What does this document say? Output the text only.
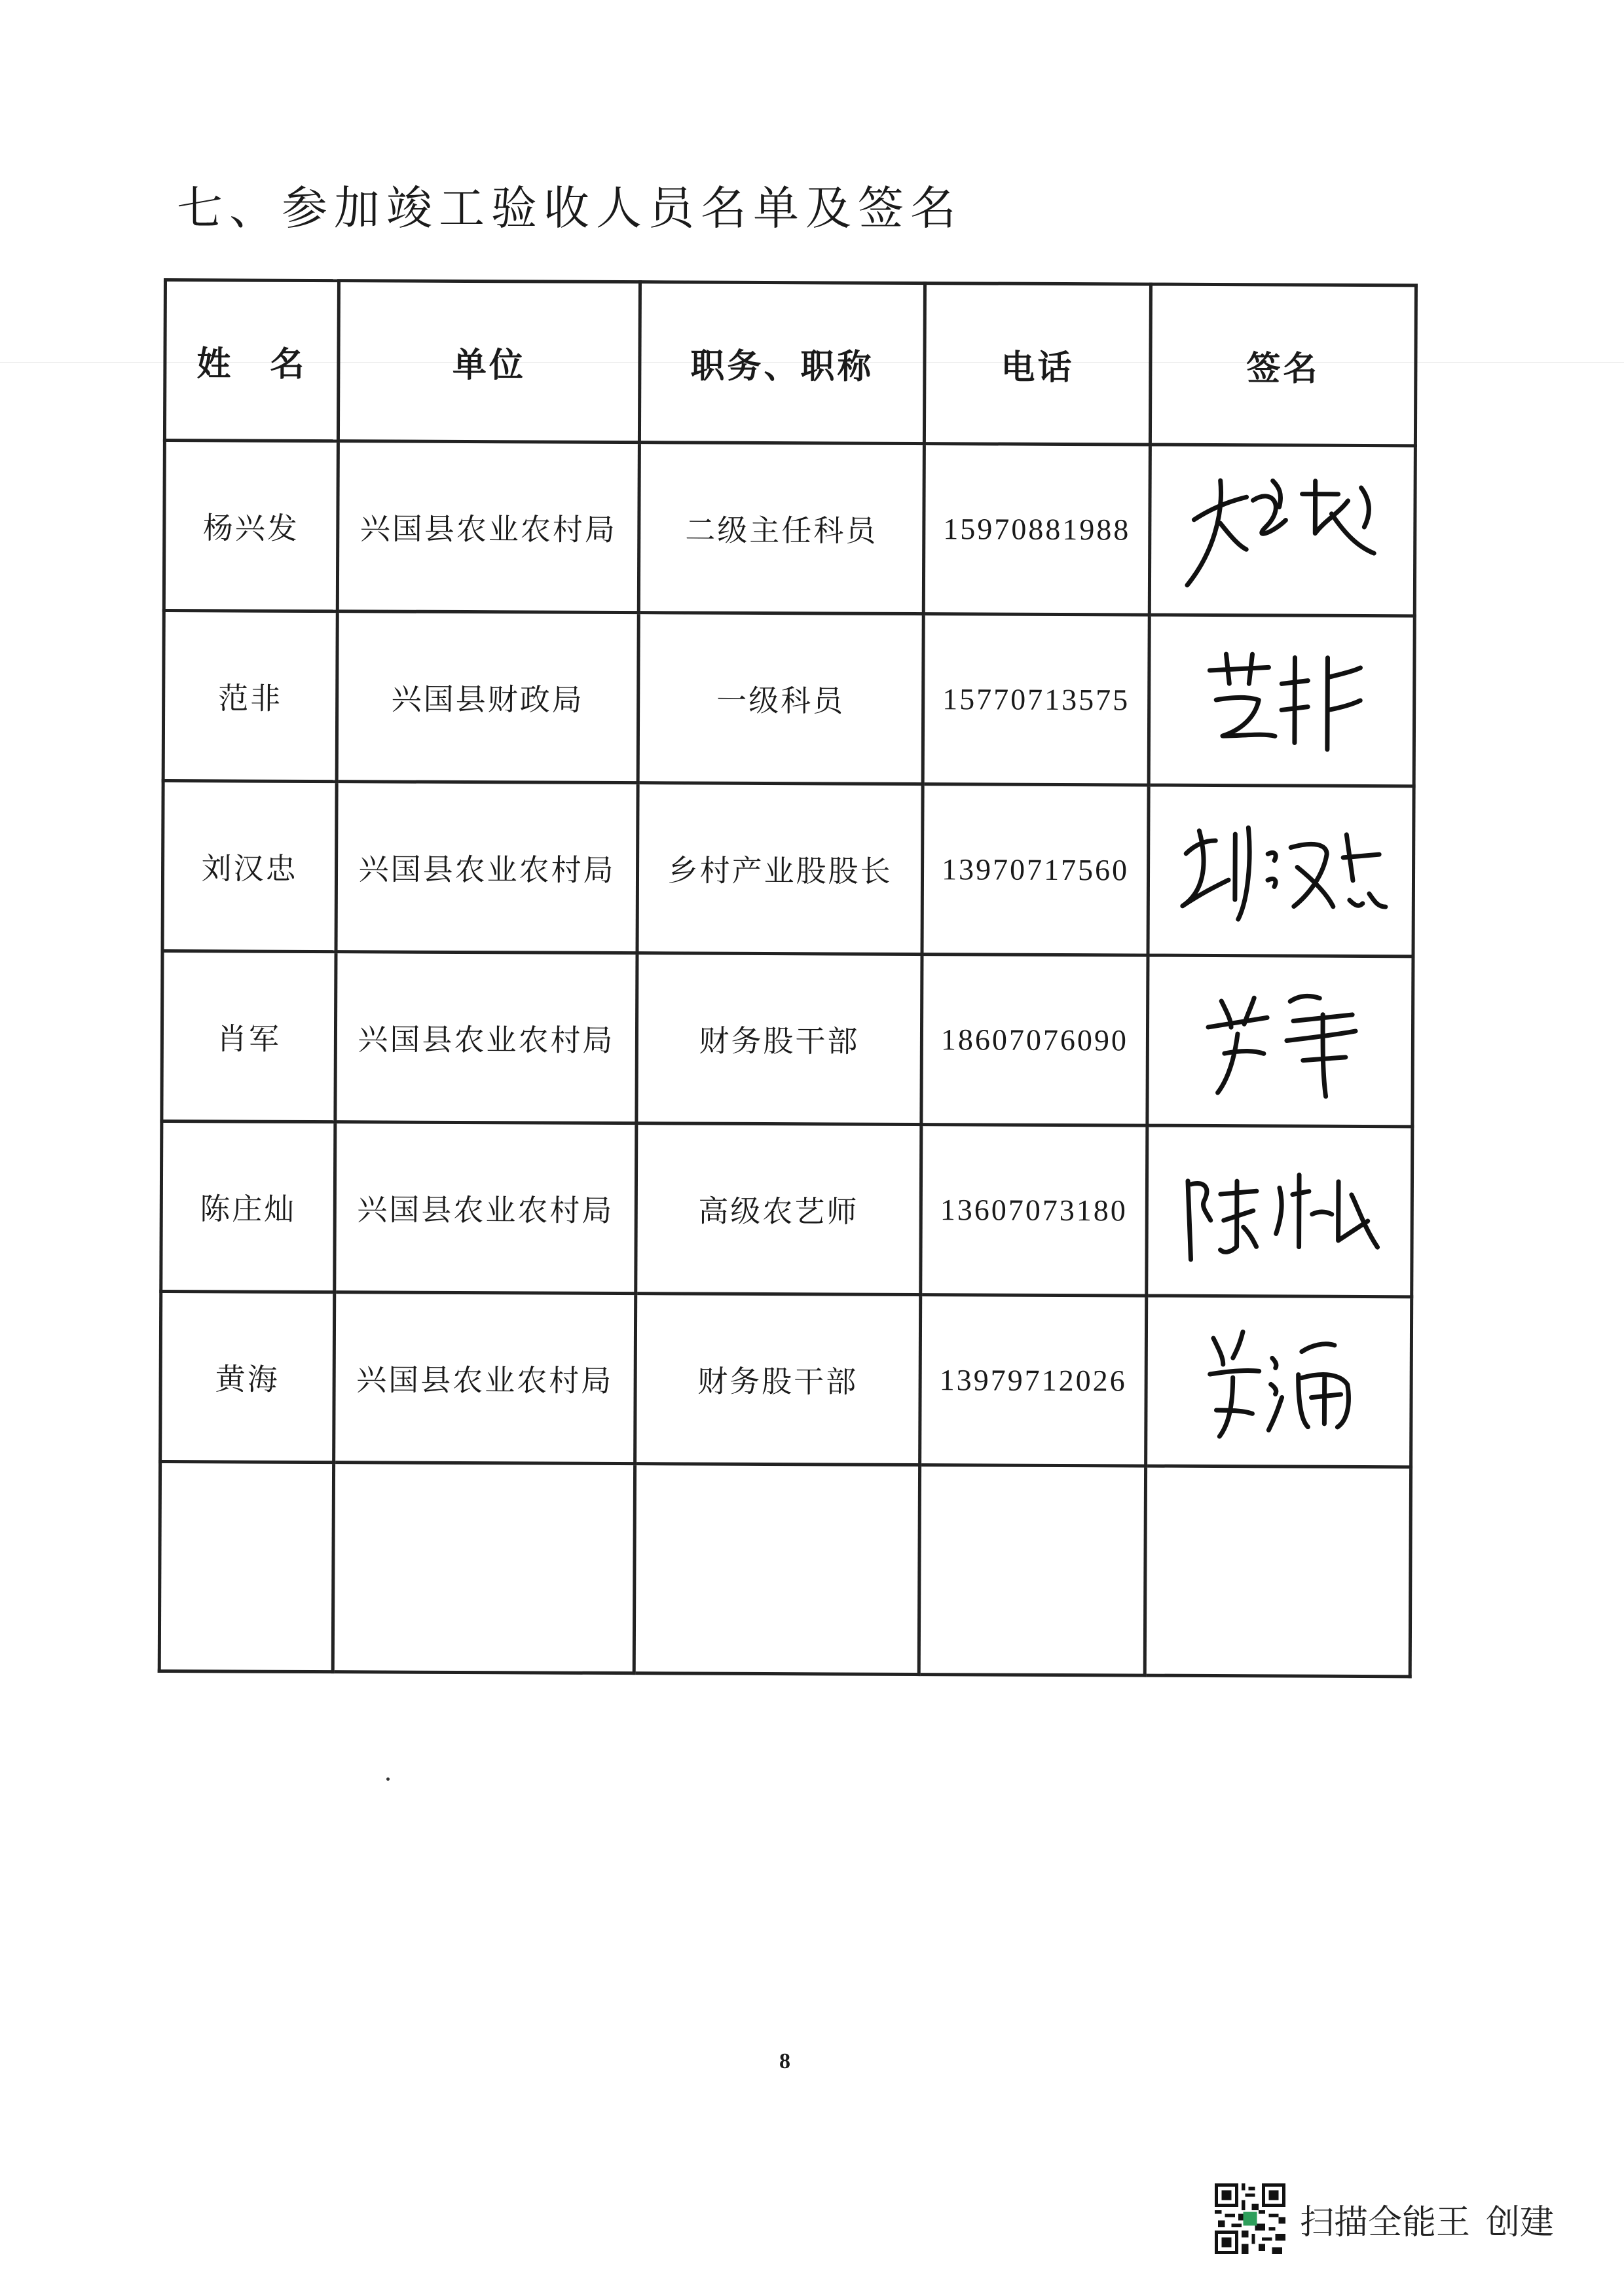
七、参加竣工验收人员名单及签名
姓　名	单位	职务、职称	电话	签名
杨兴发	兴国县农业农村局	二级主任科员	15970881988	
范非	兴国县财政局	一级科员	15770713575	
刘汉忠	兴国县农业农村局	乡村产业股股长	13970717560	
肖军	兴国县农业农村局	财务股干部	18607076090	
陈庄灿	兴国县农业农村局	高级农艺师	13607073180	
黄海	兴国县农业农村局	财务股干部	13979712026	

8
扫描全能王 创建
